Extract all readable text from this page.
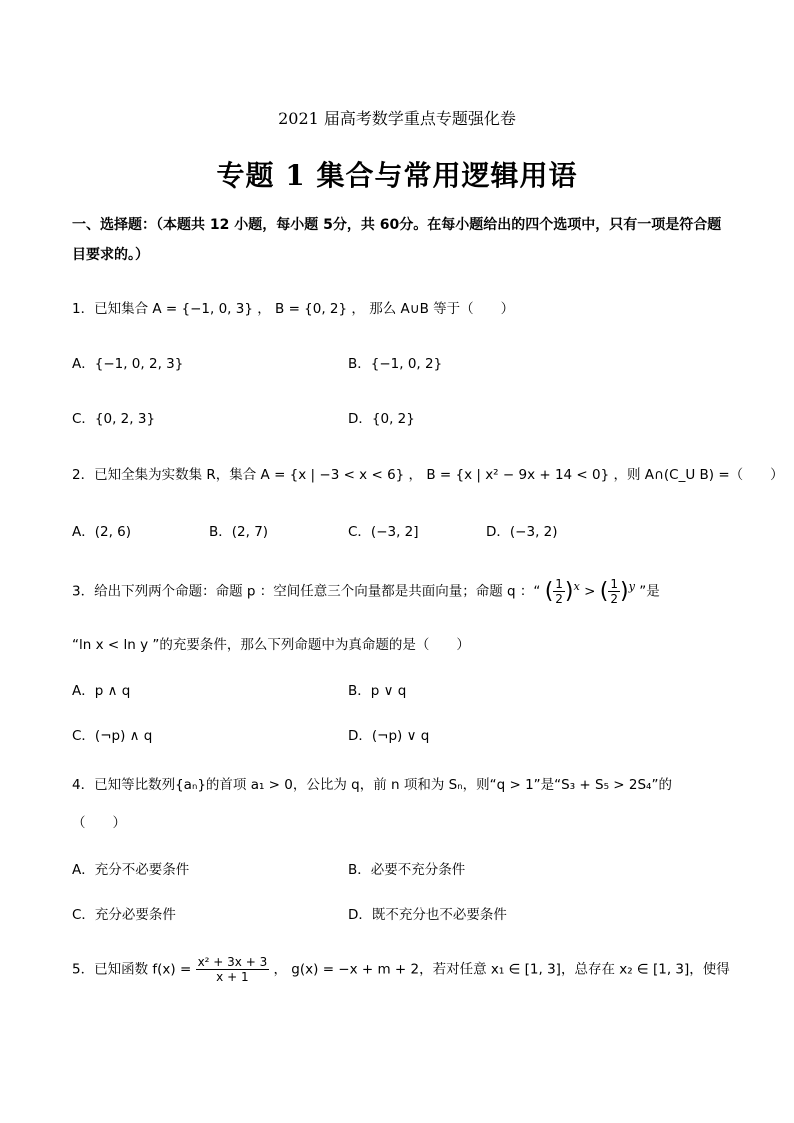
2021 届高考数学重点专题强化卷
专题 1 集合与常用逻辑用语
一、选择题：（本题共 12 小题，每小题 5分，共 60分。在每小题给出的四个选项中，只有一项是符合题目要求的。）
1．已知集合 A = {−1, 0, 3} ， B = {0, 2} ， 那么 A∪B 等于（　　）
A．{−1, 0, 2, 3}	B．{−1, 0, 2}
C．{0, 2, 3}	D．{0, 2}
2．已知全集为实数集 R，集合 A = {x | −3 < x < 6} ， B = {x | x² − 9x + 14 < 0} ，则 A∩(C_U B) =（　　）
A．(2, 6)	B．(2, 7)	C．(−3, 2]	D．(−3, 2)
3．给出下列两个命题：命题 p ：空间任意三个向量都是共面向量；命题 q ：“ ( $\frac{1}{2} )^x$ > ( $\frac{1}{2} )^y$ ”是
“ln x < ln y ”的充要条件，那么下列命题中为真命题的是（　　）
A．p ∧ q	B．p ∨ q
C．(¬p) ∧ q	D．(¬p) ∨ q
4．已知等比数列{aₙ}的首项 a₁ > 0，公比为 q，前 n 项和为 Sₙ，则“q > 1”是“S₃ + S₅ > 2S₄”的
（　　）
A．充分不必要条件	B．必要不充分条件
C．充分必要条件	D．既不充分也不必要条件
5．已知函数 $f(x) = \frac{\text{x² + 3x + 3}}{x + 1}$ ， g(x) = −x + m + 2，若对任意 x₁ ∈ [1, 3]，总存在 x₂ ∈ [1, 3]，使得
